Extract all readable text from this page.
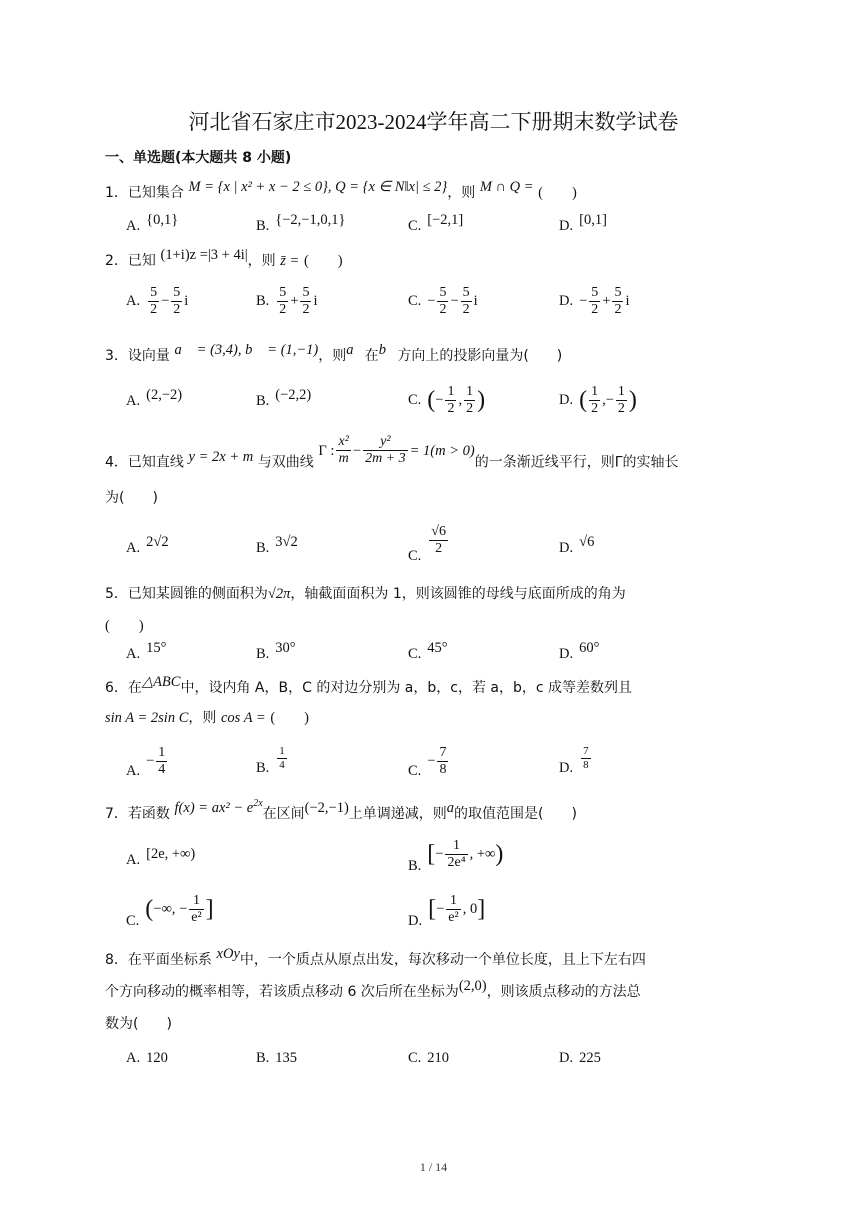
河北省石家庄市2023-2024学年高二下册期末数学试卷
一、单选题(本大题共 8 小题)
1．已知集合 M = {x | x² + x − 2 ≤ 0}, Q = {x ∈ N‖x| ≤ 2}，则 M ∩ Q = (　　)
A. {0,1}	B. {−2,−1,0,1}	C. [−2,1]	D. [0,1]
2．已知 (1+i)z =|3 + 4i|，则 z̄ = (　　)
A. $\frac{5}{2} - \frac{5}{2}$ i	B. $\frac{5}{2} + \frac{5}{2}$ i	C. − $\frac{5}{2} - \frac{5}{2}$ i	D. − $\frac{5}{2} + \frac{5}{2}$ i
3．设向量 a⃗ = (3,4), b⃗ = (1,−1)，则a⃗在b⃗方向上的投影向量为(　　)
A. (2,−2)	B. (−2,2)	C. (− $\frac{1}{2}$ , $\frac{1}{2}$ )	D. ( $\frac{1}{2}$ ,− $\frac{1}{2}$ )
4．已知直线 y = 2x + m 与双曲线 Γ : $\frac{\text{x²}}{m} - \frac{\text{y²}}{2m + 3} = 1(m > 0)$的一条渐近线平行，则Γ的实轴长
为(　　)
A. 2√2	B. 3√2
C. $\frac{√6}{2}$	D. √6
5．已知某圆锥的侧面积为√2π，轴截面面积为 1，则该圆锥的母线与底面所成的角为
(　　)
A. 15°	B. 30°	C. 45°	D. 60°
6．在△ABC中，设内角 A，B，C 的对边分别为 a，b，c，若 a，b，c 成等差数列且
sin A = 2sin C，则 cos A = (　　)
$A.- \frac{1}{4}$	B. $\frac{1}{4}$	$C.- \frac{7}{8}$	D. $\frac{7}{8}$
7．若函数 $f(x) = ax^2 - e^{2x}$在区间(−2,−1)上单调递减，则a的取值范围是(　　)
A. [2e, +∞)
B. [− $\frac{1}{\text{2e⁴}}$ , +∞)
C. (−∞, − $\frac{1}{\text{e²}}$ ]	D. [− $\frac{1}{\text{e²}}$ , 0]
8．在平面坐标系 xOy中，一个质点从原点出发，每次移动一个单位长度，且上下左右四
个方向移动的概率相等，若该质点移动 6 次后所在坐标为(2,0)，则该质点移动的方法总
数为(　　)
A. 120	B. 135	C. 210	D. 225
1 / 14
